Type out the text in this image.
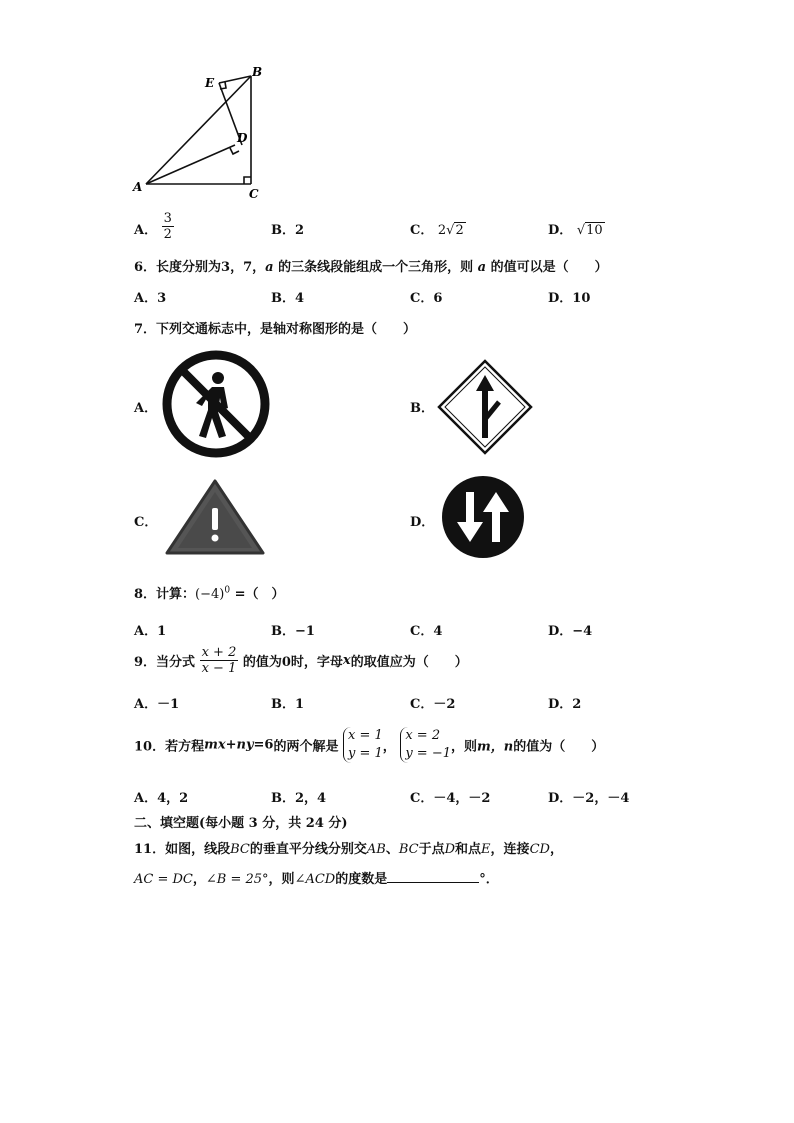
A
B
C
D
E
A． $\frac{3}{2}$	B．2	C． 2√2	D． √10
6．长度分别为3，7，a 的三条线段能组成一个三角形，则 a 的值可以是（　　）
A．3	B．4	C．6	D．10
7．下列交通标志中，是轴对称图形的是（　　）
A．	B．
C．	D．
8．计算：$(-4)^0$ =（　）
A．1	B．−1	C．4	D．−4
9．当分式 $\frac{x + 2}{x - 1}$ 的值为0时，字母x的取值应为（　　）
A．－1	B．1	C．－2	D．2
10．若方程mx+ny=6的两个解是
x = 1
y = 1 ，
x = 2
y = −1 ，则m，n的值为（　　）
A．4，2	B．2，4	C．－4，－2	D．－2，－4
二、填空题(每小题 3 分，共 24 分)
11．如图，线段BC的垂直平分线分别交AB、BC于点D和点E，连接CD，
AC = DC，∠B = 25°，则∠ACD的度数是	°．
